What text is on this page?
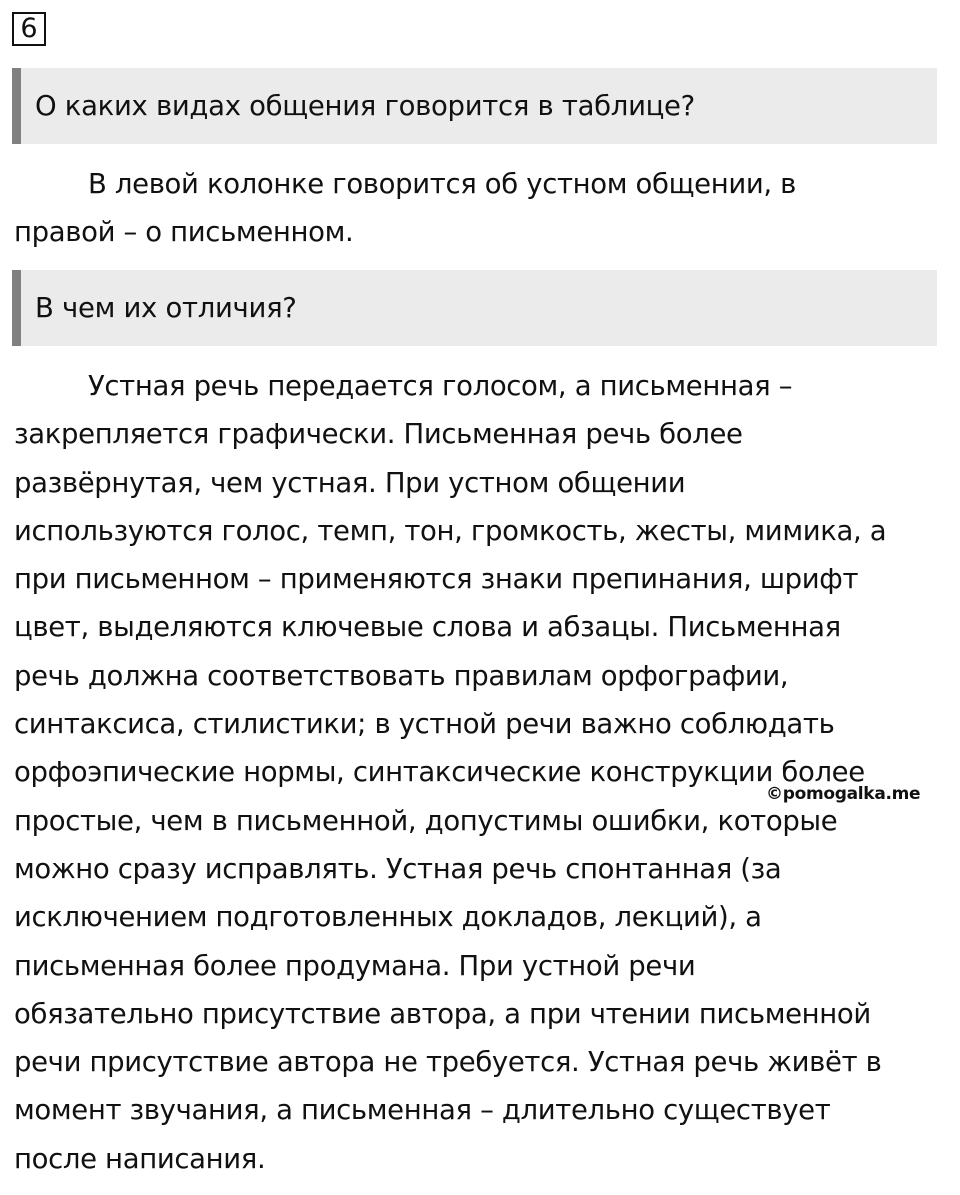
6
О каких видах общения говорится в таблице?

В левой колонке говорится об устном общении, в
правой – о письменном.

В чем их отличия?

Устная речь передается голосом, а письменная –
закрепляется графически. Письменная речь более
развёрнутая, чем устная. При устном общении
используются голос, темп, тон, громкость, жесты, мимика, а
при письменном – применяются знаки препинания, шрифт
цвет, выделяются ключевые слова и абзацы. Письменная
речь должна соответствовать правилам орфографии,
синтаксиса, стилистики; в устной речи важно соблюдать
орфоэпические нормы, синтаксические конструкции более
простые, чем в письменной, допустимы ошибки, которые
можно сразу исправлять. Устная речь спонтанная (за
исключением подготовленных докладов, лекций), а
письменная более продумана. При устной речи
обязательно присутствие автора, а при чтении письменной
речи присутствие автора не требуется. Устная речь живёт в
момент звучания, а письменная – длительно существует
после написания.

©pomogalka.me
